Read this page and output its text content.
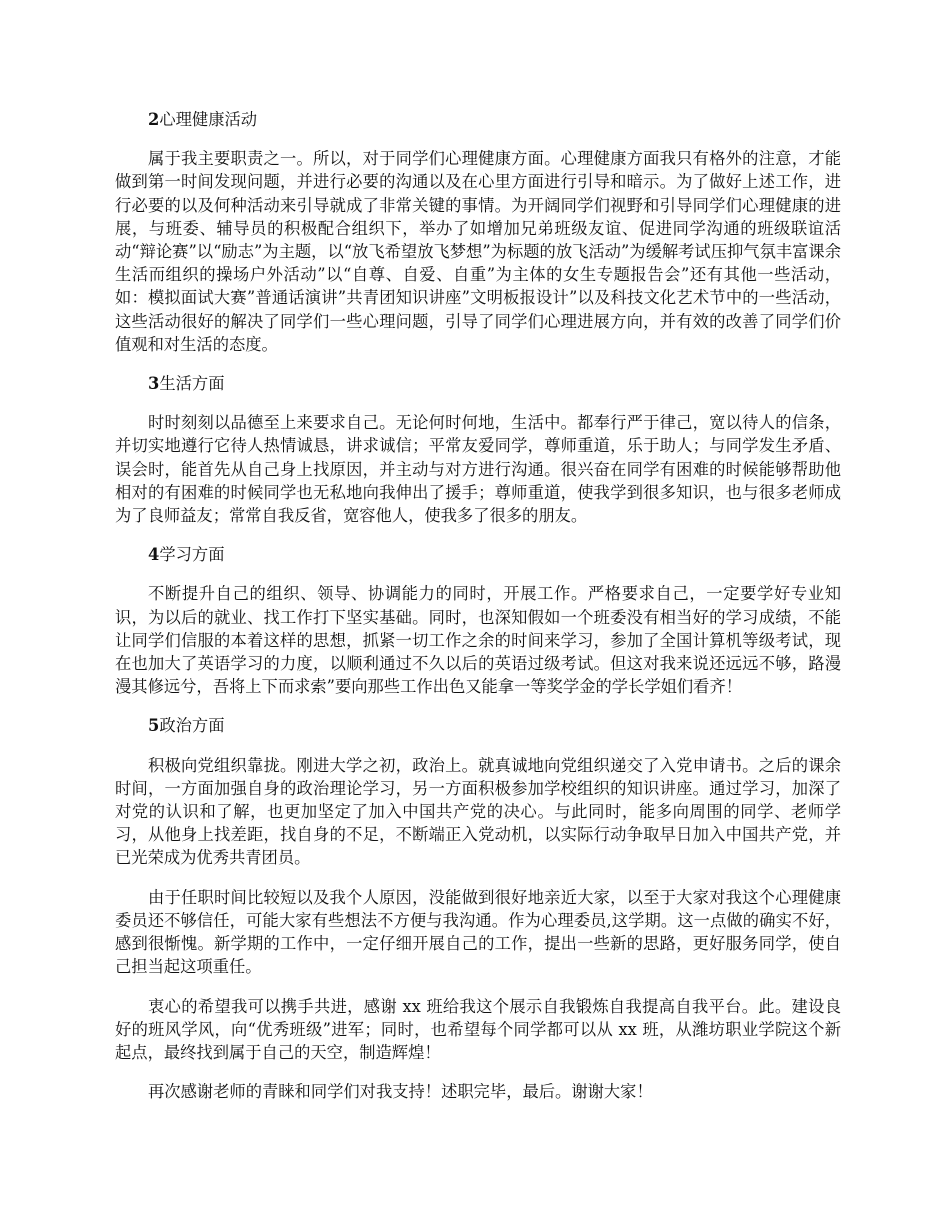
2心理健康活动

属于我主要职责之一。所以，对于同学们心理健康方面。心理健康方面我只有格外的注意，才能做到第一时间发现问题，并进行必要的沟通以及在心里方面进行引导和暗示。为了做好上述工作，进行必要的以及何种活动来引导就成了非常关键的事情。为开阔同学们视野和引导同学们心理健康的进展，与班委、辅导员的积极配合组织下，举办了如增加兄弟班级友谊、促进同学沟通的班级联谊活动“辩论赛”以“励志”为主题，以“放飞希望放飞梦想”为标题的放飞活动”为缓解考试压抑气氛丰富课余生活而组织的操场户外活动”以“自尊、自爱、自重”为主体的女生专题报告会”还有其他一些活动，如：模拟面试大赛”普通话演讲”共青团知识讲座”文明板报设计”以及科技文化艺术节中的一些活动，这些活动很好的解决了同学们一些心理问题，引导了同学们心理进展方向，并有效的改善了同学们价值观和对生活的态度。

3生活方面

时时刻刻以品德至上来要求自己。无论何时何地，生活中。都奉行严于律己，宽以待人的信条，并切实地遵行它待人热情诚恳，讲求诚信；平常友爱同学，尊师重道，乐于助人；与同学发生矛盾、误会时，能首先从自己身上找原因，并主动与对方进行沟通。很兴奋在同学有困难的时候能够帮助他相对的有困难的时候同学也无私地向我伸出了援手；尊师重道，使我学到很多知识，也与很多老师成为了良师益友；常常自我反省，宽容他人，使我多了很多的朋友。

4学习方面

不断提升自己的组织、领导、协调能力的同时，开展工作。严格要求自己，一定要学好专业知识，为以后的就业、找工作打下坚实基础。同时，也深知假如一个班委没有相当好的学习成绩，不能让同学们信服的本着这样的思想，抓紧一切工作之余的时间来学习，参加了全国计算机等级考试，现在也加大了英语学习的力度，以顺利通过不久以后的英语过级考试。但这对我来说还远远不够，路漫漫其修远兮，吾将上下而求索”要向那些工作出色又能拿一等奖学金的学长学姐们看齐！

5政治方面

积极向党组织靠拢。刚进大学之初，政治上。就真诚地向党组织递交了入党申请书。之后的课余时间，一方面加强自身的政治理论学习，另一方面积极参加学校组织的知识讲座。通过学习，加深了对党的认识和了解，也更加坚定了加入中国共产党的决心。与此同时，能多向周围的同学、老师学习，从他身上找差距，找自身的不足，不断端正入党动机，以实际行动争取早日加入中国共产党，并已光荣成为优秀共青团员。

由于任职时间比较短以及我个人原因，没能做到很好地亲近大家，以至于大家对我这个心理健康委员还不够信任，可能大家有些想法不方便与我沟通。作为心理委员,这学期。这一点做的确实不好，感到很惭愧。新学期的工作中，一定仔细开展自己的工作，提出一些新的思路，更好服务同学，使自己担当起这项重任。

衷心的希望我可以携手共进，感谢 xx 班给我这个展示自我锻炼自我提高自我平台。此。建设良好的班风学风，向“优秀班级”进军；同时，也希望每个同学都可以从 xx 班，从潍坊职业学院这个新起点，最终找到属于自己的天空，制造辉煌！

再次感谢老师的青睐和同学们对我支持！述职完毕，最后。谢谢大家！
